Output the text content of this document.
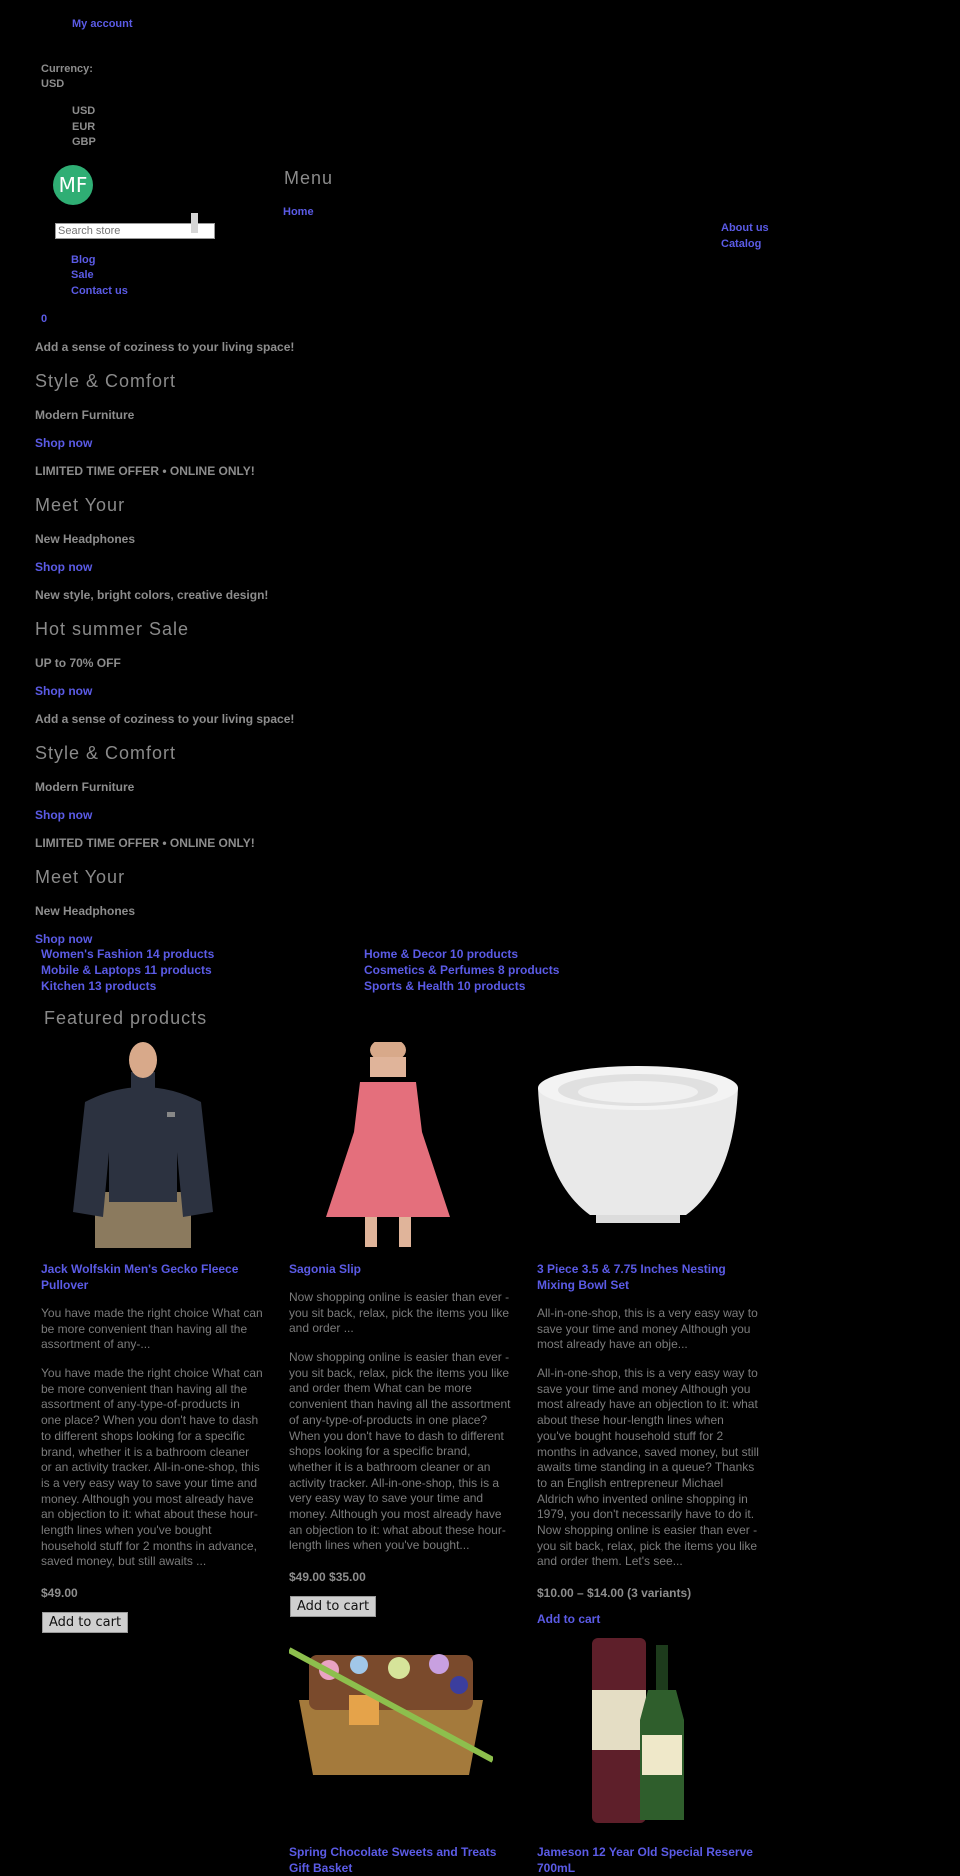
My account
Currency:
USD
USD
EUR
GBP
MF	Menu
Home
About us
Catalog
Search store
Blog
Sale
Contact us
0
Add a sense of coziness to your living space!
Style & Comfort
Modern Furniture
Shop now
LIMITED TIME OFFER • ONLINE ONLY!
Meet Your
New Headphones
Shop now
New style, bright colors, creative design!
Hot summer Sale
UP to 70% OFF
Shop now
Add a sense of coziness to your living space!
Style & Comfort
Modern Furniture
Shop now
LIMITED TIME OFFER • ONLINE ONLY!
Meet Your
New Headphones
Shop now
Women's Fashion 14 products
Mobile & Laptops 11 products
Kitchen 13 products
Home & Decor 10 products
Cosmetics & Perfumes 8 products
Sports & Health 10 products
Featured products
Jack Wolfskin Men's Gecko Fleece Pullover
You have made the right choice What can be more convenient than having all the assortment of any-...
You have made the right choice What can be more convenient than having all the assortment of any-type-of-products in one place? When you don't have to dash to different shops looking for a specific brand, whether it is a bathroom cleaner or an activity tracker. All-in-one-shop, this is a very easy way to save your time and money. Although you most already have an objection to it: what about these hour-length lines when you've bought household stuff for 2 months in advance, saved money, but still awaits ...
$49.00
Add to cart
Sagonia Slip
Now shopping online is easier than ever - you sit back, relax, pick the items you like and order ...
Now shopping online is easier than ever - you sit back, relax, pick the items you like and order them What can be more convenient than having all the assortment of any-type-of-products in one place? When you don't have to dash to different shops looking for a specific brand, whether it is a bathroom cleaner or an activity tracker. All-in-one-shop, this is a very easy way to save your time and money. Although you most already have an objection to it: what about these hour-length lines when you've bought...
$49.00 $35.00
Add to cart
3 Piece 3.5 & 7.75 Inches Nesting Mixing Bowl Set
All-in-one-shop, this is a very easy way to save your time and money Although you most already have an obje...
All-in-one-shop, this is a very easy way to save your time and money Although you most already have an objection to it: what about these hour-length lines when you've bought household stuff for 2 months in advance, saved money, but still awaits time standing in a queue? Thanks to an English entrepreneur Michael Aldrich who invented online shopping in 1979, you don't necessarily have to do it. Now shopping online is easier than ever - you sit back, relax, pick the items you like and order them. Let's see...
$10.00 – $14.00 (3 variants)
Add to cart
Spring Chocolate Sweets and Treats Gift Basket
Jameson 12 Year Old Special Reserve 700mL
